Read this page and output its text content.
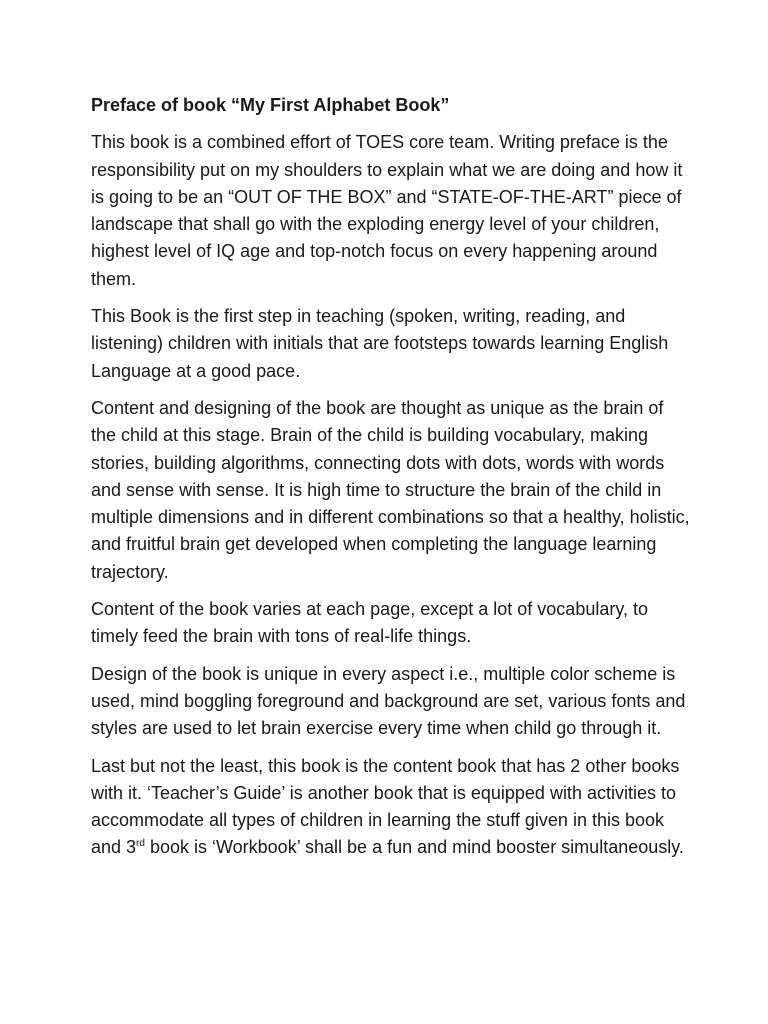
Preface of book “My First Alphabet Book”

This book is a combined effort of TOES core team. Writing preface is the responsibility put on my shoulders to explain what we are doing and how it is going to be an “OUT OF THE BOX” and “STATE-OF-THE-ART” piece of landscape that shall go with the exploding energy level of your children, highest level of IQ age and top-notch focus on every happening around them.

This Book is the first step in teaching (spoken, writing, reading, and listening) children with initials that are footsteps towards learning English Language at a good pace.

Content and designing of the book are thought as unique as the brain of the child at this stage. Brain of the child is building vocabulary, making stories, building algorithms, connecting dots with dots, words with words and sense with sense. It is high time to structure the brain of the child in multiple dimensions and in different combinations so that a healthy, holistic, and fruitful brain get developed when completing the language learning trajectory.

Content of the book varies at each page, except a lot of vocabulary, to timely feed the brain with tons of real-life things.

Design of the book is unique in every aspect i.e., multiple color scheme is used, mind boggling foreground and background are set, various fonts and styles are used to let brain exercise every time when child go through it.

Last but not the least, this book is the content book that has 2 other books with it. ‘Teacher’s Guide’ is another book that is equipped with activities to accommodate all types of children in learning the stuff given in this book and 3rd book is ‘Workbook’ shall be a fun and mind booster simultaneously.
